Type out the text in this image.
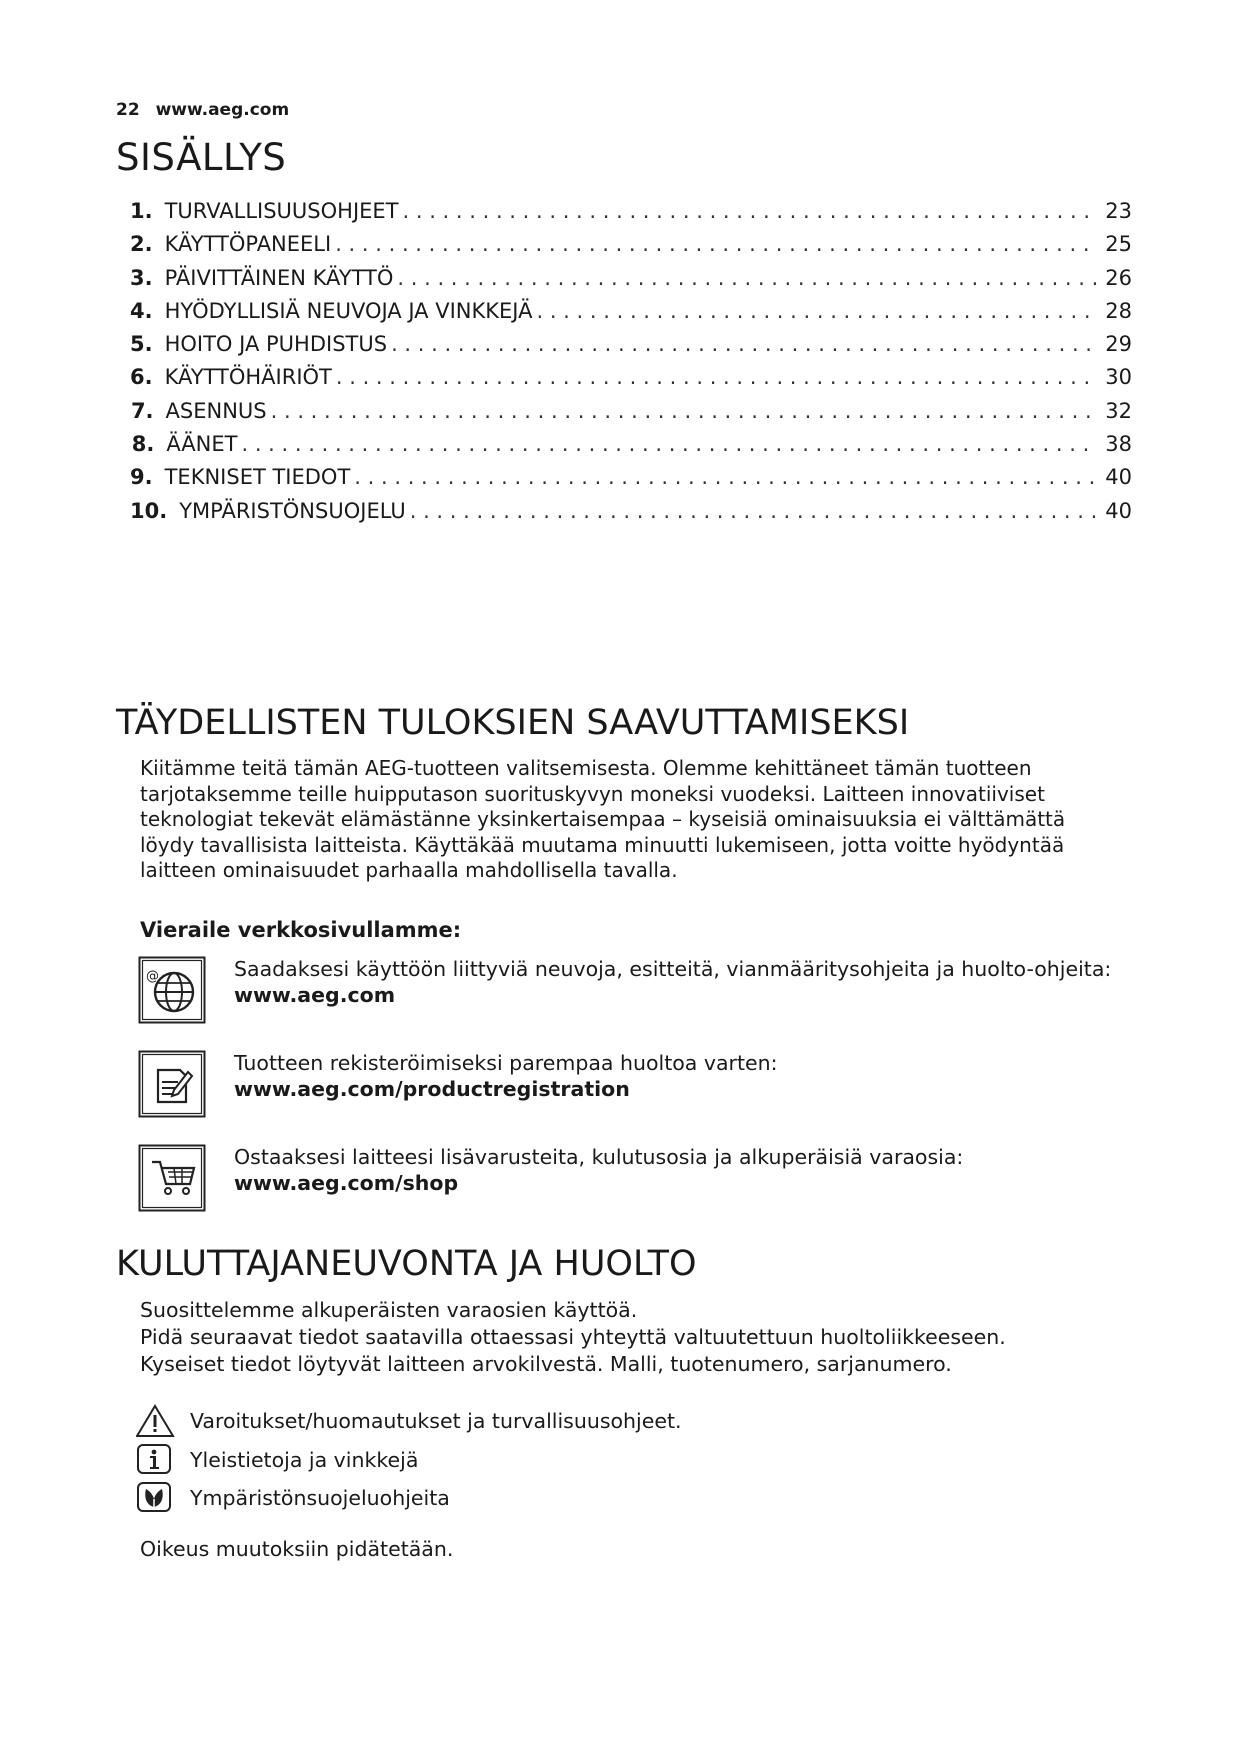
22 www.aeg.com
SISÄLLYS
1. TURVALLISUUSOHJEET . . .	23
2. KÄYTTÖPANEELI . . .	25
3. PÄIVITTÄINEN KÄYTTÖ . . .	26
4. HYÖDYLLISIÄ NEUVOJA JA VINKKEJÄ . . .	28
5. HOITO JA PUHDISTUS . . .	29
6. KÄYTTÖHÄIRIÖT . . .	30
7. ASENNUS . . .	32
8. ÄÄNET . . .	38
9. TEKNISET TIEDOT . . .	40
10. YMPÄRISTÖNSUOJELU . . .	40
TÄYDELLISTEN TULOKSIEN SAAVUTTAMISEKSI
Kiitämme teitä tämän AEG-tuotteen valitsemisesta. Olemme kehittäneet tämän tuotteen
tarjotaksemme teille huipputason suorituskyvyn moneksi vuodeksi. Laitteen innovatiiviset
teknologiat tekevät elämästänne yksinkertaisempaa – kyseisiä ominaisuuksia ei välttämättä
löydy tavallisista laitteista. Käyttäkää muutama minuutti lukemiseen, jotta voitte hyödyntää
laitteen ominaisuudet parhaalla mahdollisella tavalla.
Vieraile verkkosivullamme:
@	Saadaksesi käyttöön liittyviä neuvoja, esitteitä, vianmääritysohjeita ja huolto-ohjeita:
www.aeg.com
Tuotteen rekisteröimiseksi parempaa huoltoa varten:
www.aeg.com/productregistration
Ostaaksesi laitteesi lisävarusteita, kulutusosia ja alkuperäisiä varaosia:
www.aeg.com/shop
KULUTTAJANEUVONTA JA HUOLTO
Suosittelemme alkuperäisten varaosien käyttöä.
Pidä seuraavat tiedot saatavilla ottaessasi yhteyttä valtuutettuun huoltoliikkeeseen.
Kyseiset tiedot löytyvät laitteen arvokilvestä. Malli, tuotenumero, sarjanumero.
Varoitukset/huomautukset ja turvallisuusohjeet.
Yleistietoja ja vinkkejä
Ympäristönsuojeluohjeita
Oikeus muutoksiin pidätetään.
